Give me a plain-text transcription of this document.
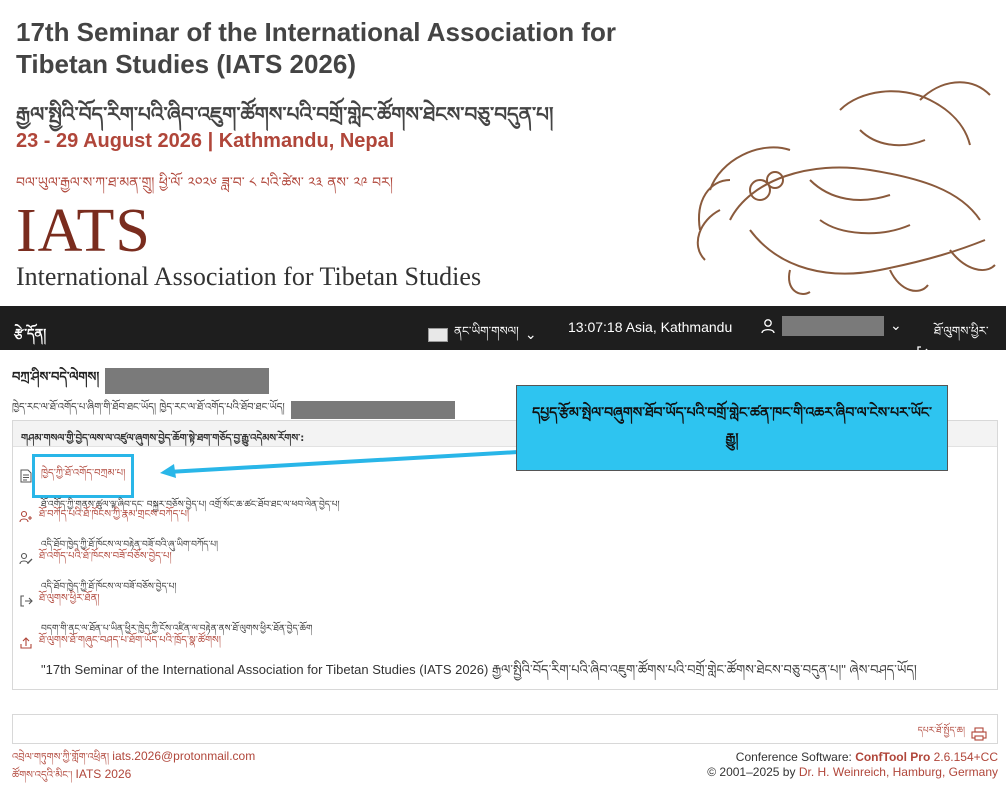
17th Seminar of the International Association for Tibetan Studies (IATS 2026)
རྒྱལ་སྤྱིའི་བོད་རིག་པའི་ཞིབ་འཇུག་ཚོགས་པའི་བགྲོ་གླེང་ཚོགས་ཐེངས་བཅུ་བདུན་པ།
23 - 29 August 2026 | Kathmandu, Nepal
བལ་ཡུལ་རྒྱལ་ས་ཀ་ཐ་མན་གྲུ། ཕྱི་ལོ་ ༢༠༢༦ ཟླ་བ་ ༨ པའི་ཚེས་ ༢༣ ནས་ ༢༩ བར།
IATS
International Association for Tibetan Studies
རྩེ་དོན།	ནང་ཡིག་གསལ། ⌄ 13:07:18 Asia, Kathmandu	⌄	ཐོ་ལུགས་ཕྱིར་ཐོན།
བཀྲ་ཤིས་བདེ་ལེགས།
ཁྱེད་རང་ལ་ཐོ་འགོད་པ་ཞིག་གི་ཐོབ་ཐང་ཡོད། ཁྱེད་རང་ལ་ཐོ་འགོད་པའི་ཐོབ་ཐང་ཡོད།
གཤམ་གསལ་གྱི་བྱེད་ལས་ལ་འཛུལ་ཞུགས་བྱེད་ཆོག་སྟེ་ཐག་གཅོད་བྱ་རྒྱུ་འདེམས་རོགས་:
ཁྱེད་ཀྱི་ཐོ་འགོད་བཀྲམ་པ།
ཐོ་འགོད་ཀྱི་གནས་ཚུལ་ལྟ་ཞིབ་དང་ བསྐྱར་བཅོས་བྱེད་པ། འགྲོ་སོང་ཆ་ཚང་ཐོབ་ཐང་ལ་ཕབ་ལེན་བྱེད་པ།
ཐོ་བཀོད་པའི་ཐོ་ཁོངས་ཀྱི་རྣམ་གྲངས་བཀོད་པ།
འདི་ཐོབ་ཁྱེད་ཀྱི་ཐོ་ཁོངས་ལ་བརྟེན་བཟོ་བའི་ཞུ་ཡིག་བཀོད་པ།
ཐོ་འགོད་པའི་ཐོ་ཁོངས་བཟོ་བཅོས་བྱེད་པ།
འདི་ཐོབ་ཁྱེད་ཀྱི་ཐོ་ཁོངས་ལ་བཟོ་བཅོས་བྱེད་པ།
ཐོ་ལུགས་ཕྱིར་ཐོན།
བདག་གི་ནང་ལ་ཐོན་པ་ཡིན་ཕྱིར་ཁྱེད་ཀྱི་ངོས་འཛིན་ལ་བརྟེན་ནས་ཐོ་ལུགས་ཕྱིར་ཐོན་བྱེད་ཆོག
ཐོ་ལུགས་ཐོ་གཞུང་བཤད་པ་ཐོག་ཡོད་པའི་ཁྲོད་སྣ་ཚོགས།
"17th Seminar of the International Association for Tibetan Studies (IATS 2026) རྒྱལ་སྤྱིའི་བོད་རིག་པའི་ཞིབ་འཇུག་ཚོགས་པའི་བགྲོ་གླེང་ཚོགས་ཐེངས་བཅུ་བདུན་པ།" ཞེས་བཤད་ཡོད།
དཔྱད་རྩོམ་སྤེལ་བཞུགས་ཐོབ་ཡོད་པའི་བགྲོ་གླེང་ཚན་ཁང་གི་འཆར་ཞིབ་ལ་ངེས་པར་ཡོང་རྒྱུ།
དཔར་ཐོ་སྤྱོད་ཆ།
འབྲེལ་གཏུགས་ཀྱི་གློག་འཕྲིན། iats.2026@protonmail.com
ཚོགས་འདུའི་མིང་། IATS 2026
Conference Software: ConfTool Pro 2.6.154+CC
© 2001–2025 by Dr. H. Weinreich, Hamburg, Germany
